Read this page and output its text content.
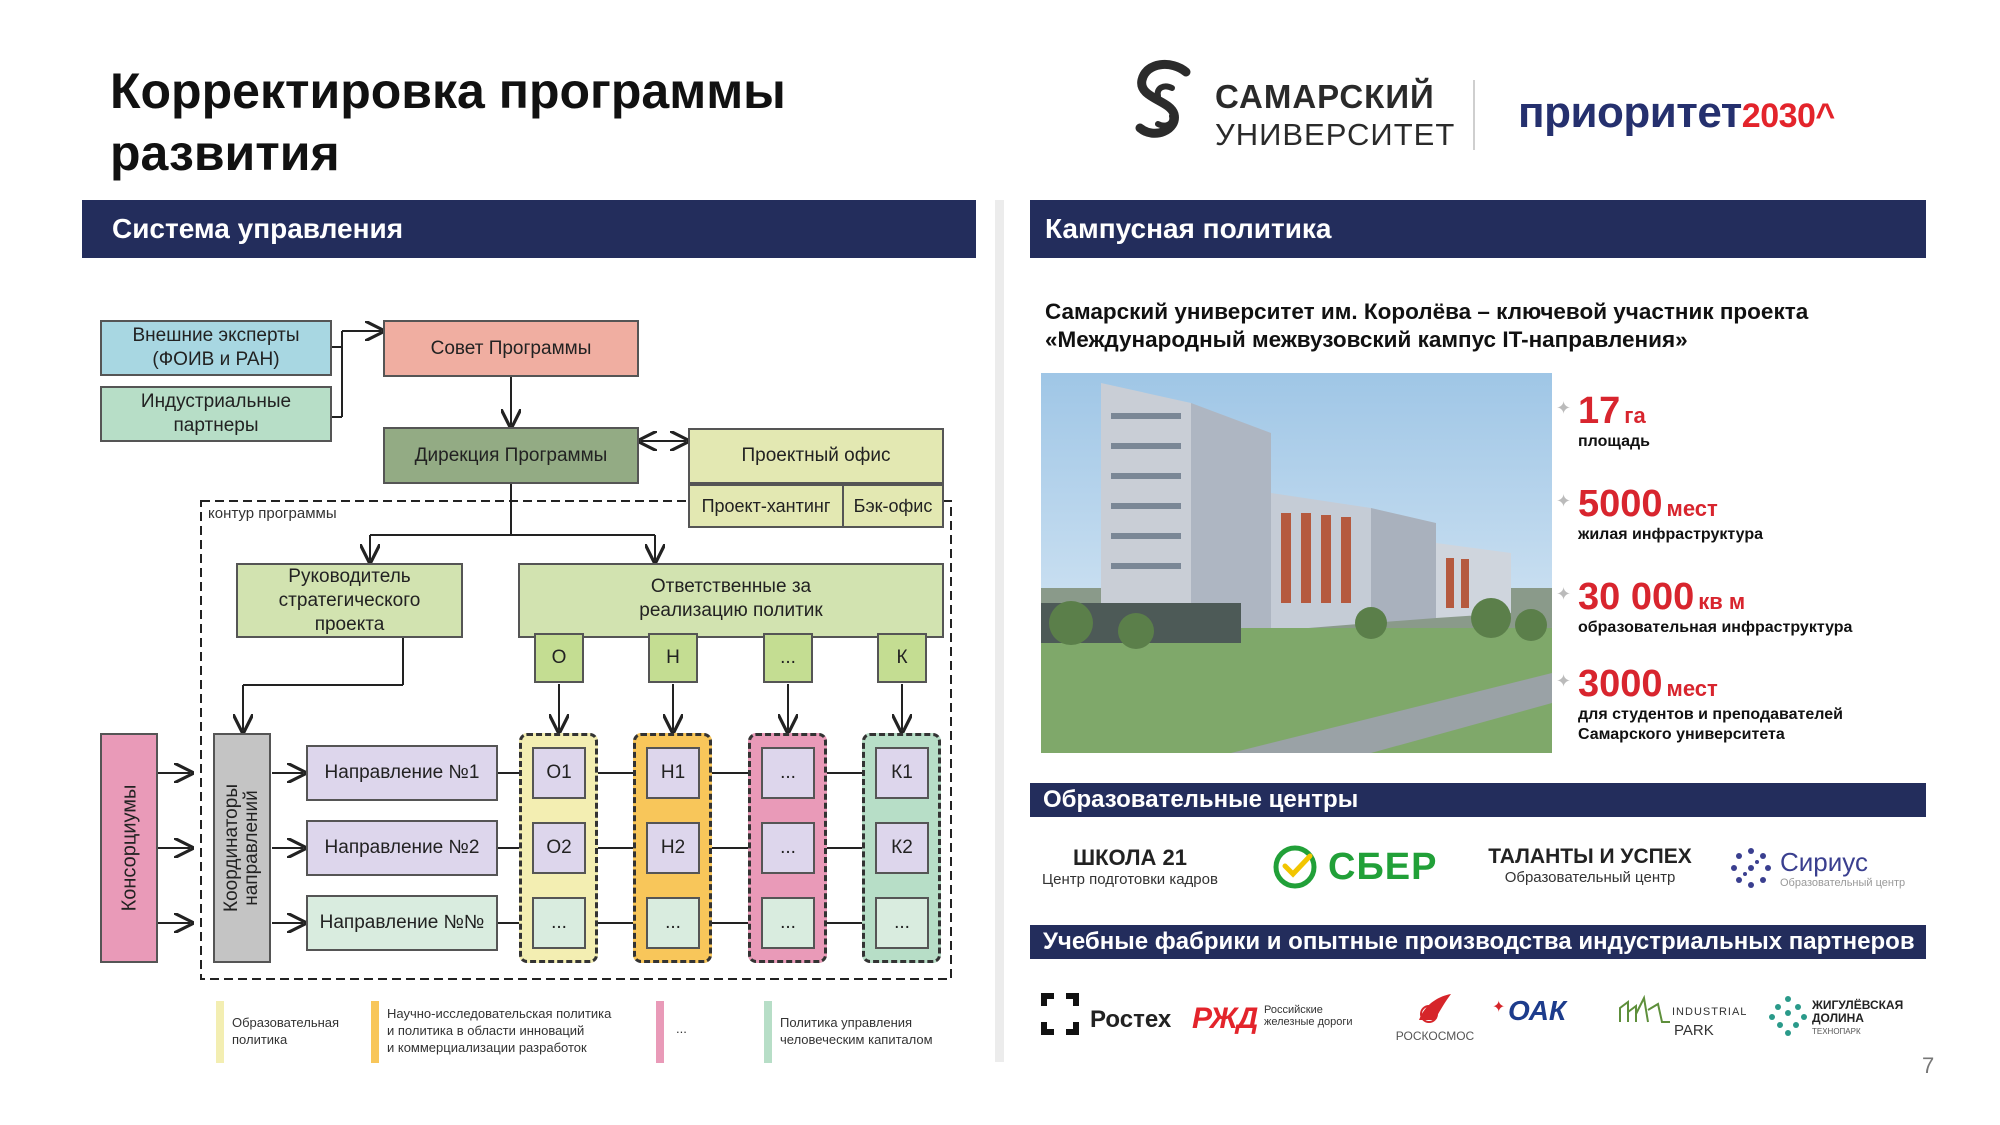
Корректировка программы развития
САМАРСКИЙ
УНИВЕРСИТЕТ приоритет2030^
Система управления	Кампусная политика
контур программы
Внешние эксперты (ФОИВ и РАН)
Индустриальные партнеры
Совет Программы
Дирекция Программы	Проектный офис
Проект-хантинг	Бэк-офис
Руководитель стратегического проекта
Ответственные за реализацию политик
О	Н	...	К
Консорциумы	Координаторы направлений
Направление №1
Направление №2
Направление №№
О1
О2
...
Н1
Н2
...
...
...
...
К1
К2
...
Образовательная
политика
Научно-исследовательская политика
и политика в области инноваций
и коммерциализации разработок
...	Политика управления
человеческим капиталом
Самарский университет им. Королёва – ключевой участник проекта «Международный межвузовский кампус IT-направления»
✦ 17 га
площадь
✦ 5000 мест
жилая инфраструктура
✦ 30 000 кв м
образовательная инфраструктура
✦ 3000 мест
для студентов и преподавателей
Самарского университета
Образовательные центры
ШКОЛА 21
Центр подготовки кадров	СБЕР ТАЛАНТЫ И УСПЕХ
Образовательный центр
Сириус
Образовательный центр
Учебные фабрики и опытные производства индустриальных партнеров
Ростех РЖД Российские железные дороги
РОСКОСМОС
✦ ОАК	INDUSTRIAL
PARK
ЖИГУЛЁВСКАЯ ДОЛИНА
ТЕХНОПАРК
7
